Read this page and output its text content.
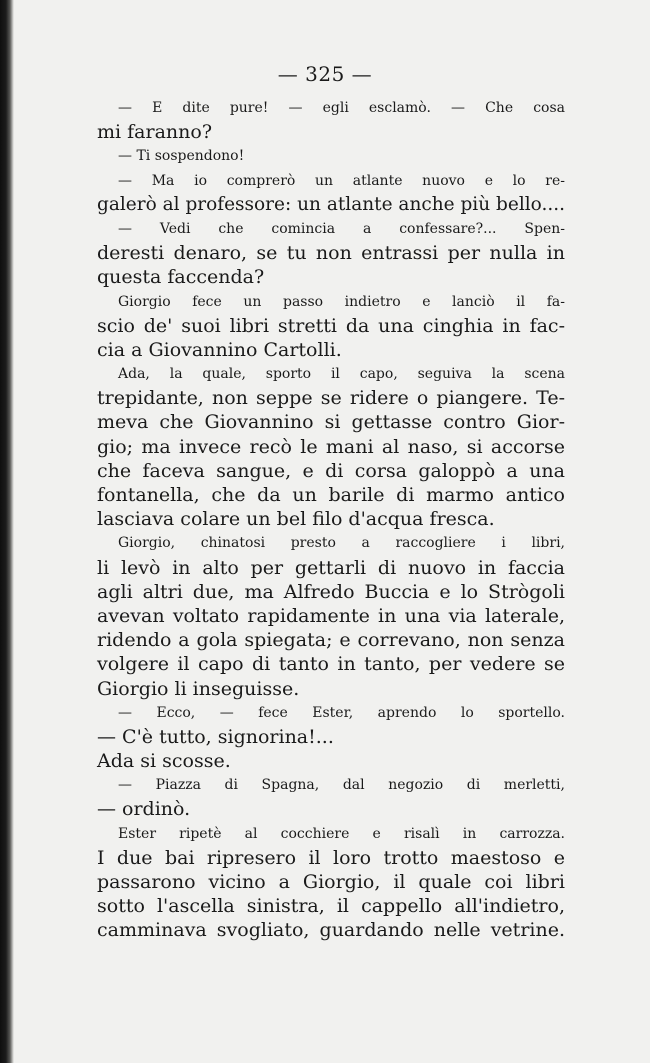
— 325 —
— E dite pure! — egli esclamò. — Che cosa
mi faranno?
— Ti sospendono!
— Ma io comprerò un atlante nuovo e lo re-
galerò al professore: un atlante anche più bello....
— Vedi che comincia a confessare?... Spen-
deresti denaro, se tu non entrassi per nulla in
questa faccenda?
Giorgio fece un passo indietro e lanciò il fa-
scio de' suoi libri stretti da una cinghia in fac-
cia a Giovannino Cartolli.
Ada, la quale, sporto il capo, seguiva la scena
trepidante, non seppe se ridere o piangere. Te-
meva che Giovannino si gettasse contro Gior-
gio; ma invece recò le mani al naso, si accorse
che faceva sangue, e di corsa galoppò a una
fontanella, che da un barile di marmo antico
lasciava colare un bel filo d'acqua fresca.
Giorgio, chinatosi presto a raccogliere i libri,
li levò in alto per gettarli di nuovo in faccia
agli altri due, ma Alfredo Buccia e lo Strògoli
avevan voltato rapidamente in una via laterale,
ridendo a gola spiegata; e correvano, non senza
volgere il capo di tanto in tanto, per vedere se
Giorgio li inseguisse.
— Ecco, — fece Ester, aprendo lo sportello.
— C'è tutto, signorina!...
Ada si scosse.
— Piazza di Spagna, dal negozio di merletti,
— ordinò.
Ester ripetè al cocchiere e risalì in carrozza.
I due bai ripresero il loro trotto maestoso e
passarono vicino a Giorgio, il quale coi libri
sotto l'ascella sinistra, il cappello all'indietro,
camminava svogliato, guardando nelle vetrine.
